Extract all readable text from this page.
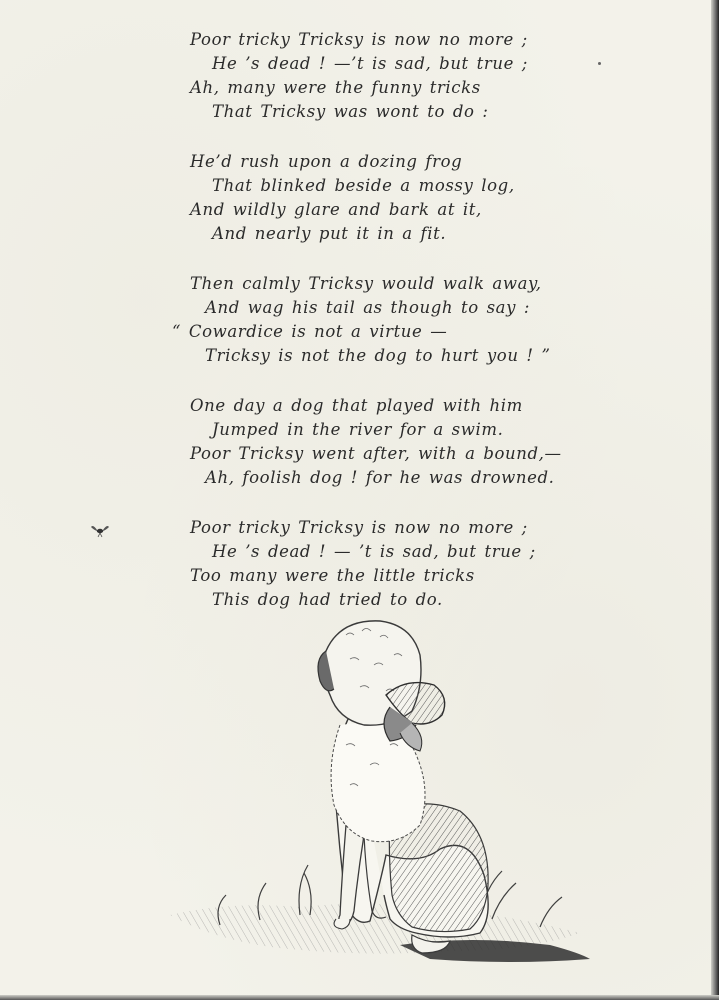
Poor tricky Tricksy is now no more ;
He ’s dead ! —’t is sad, but true ;
Ah, many were the funny tricks
That Tricksy was wont to do :
He’d rush upon a dozing frog
That blinked beside a mossy log,
And wildly glare and bark at it,
And nearly put it in a fit.
Then calmly Tricksy would walk away,
And wag his tail as though to say :
“ Cowardice is not a virtue —
Tricksy is not the dog to hurt you ! ”
One day a dog that played with him
Jumped in the river for a swim.
Poor Tricksy went after, with a bound,—
Ah, foolish dog ! for he was drowned.
Poor tricky Tricksy is now no more ;
He ’s dead ! — ’t is sad, but true ;
Too many were the little tricks
This dog had tried to do.
